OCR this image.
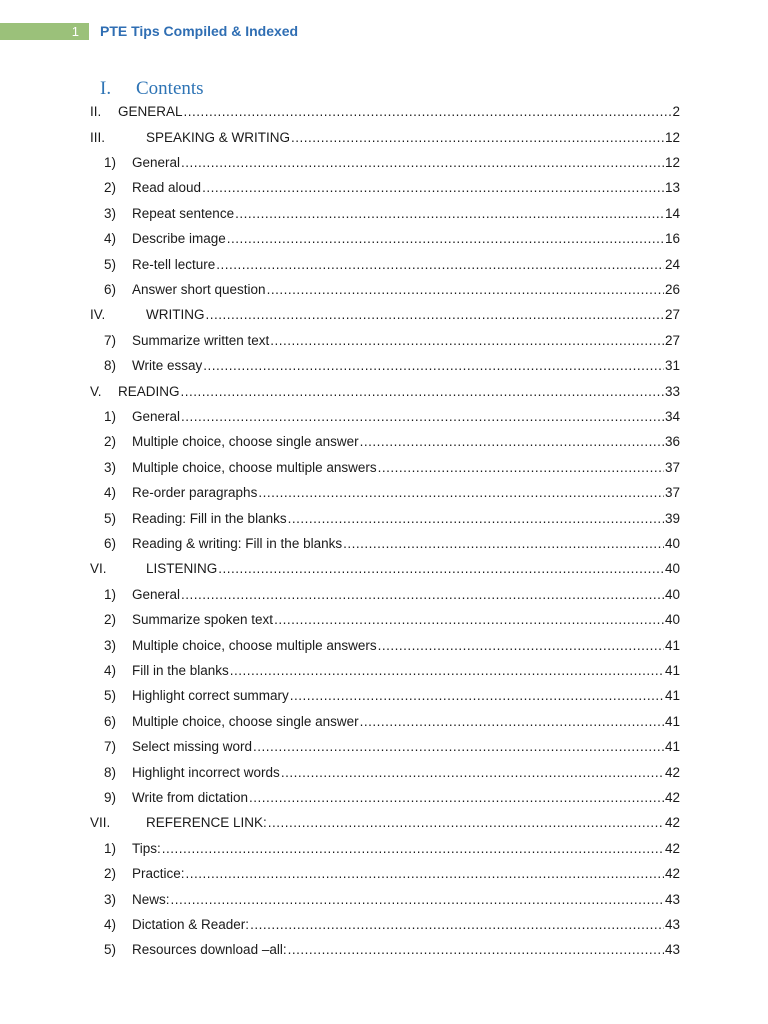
1	PTE Tips Compiled & Indexed
I. Contents
II.	GENERAL .....	2
III.	SPEAKING & WRITING .....	12
1)	General .....	12
2)	Read aloud .....	13
3)	Repeat sentence .....	14
4)	Describe image .....	16
5)	Re-tell lecture .....	24
6)	Answer short question .....	26
IV.	WRITING .....	27
7)	Summarize written text .....	27
8)	Write essay .....	31
V.	READING .....	33
1)	General .....	34
2)	Multiple choice, choose single answer .....	36
3)	Multiple choice, choose multiple answers .....	37
4)	Re-order paragraphs .....	37
5)	Reading: Fill in the blanks .....	39
6)	Reading & writing: Fill in the blanks .....	40
VI.	LISTENING .....	40
1)	General .....	40
2)	Summarize spoken text .....	40
3)	Multiple choice, choose multiple answers .....	41
4)	Fill in the blanks .....	41
5)	Highlight correct summary .....	41
6)	Multiple choice, choose single answer .....	41
7)	Select missing word .....	41
8)	Highlight incorrect words .....	42
9)	Write from dictation .....	42
VII.	REFERENCE LINK: .....	42
1)	Tips: .....	42
2)	Practice: .....	42
3)	News: .....	43
4)	Dictation & Reader: .....	43
5)	Resources download –all: .....	43
